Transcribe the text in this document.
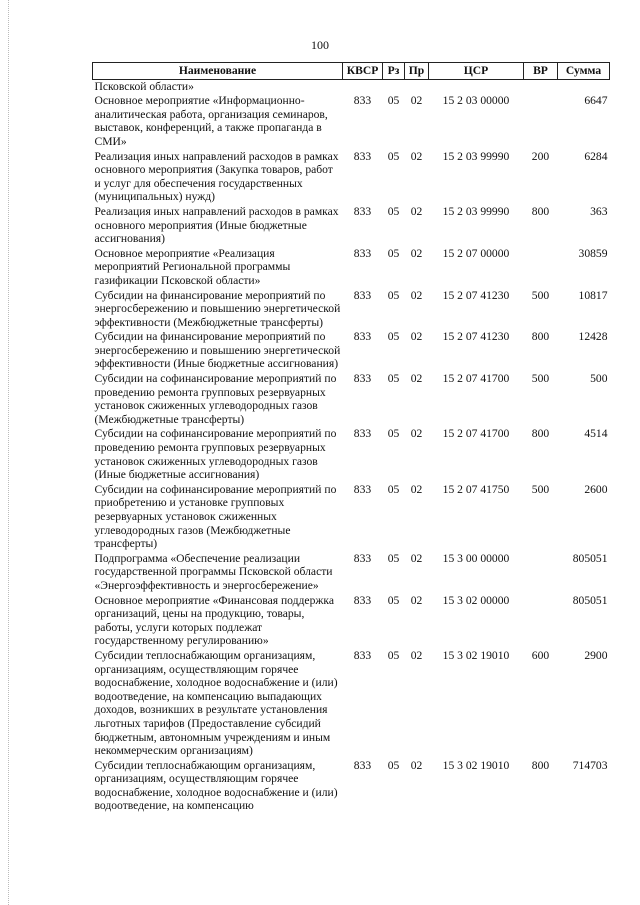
100
Наименование	КВСР	Рз	Пр	ЦСР	ВР	Сумма
Псковской области»						
Основное мероприятие «Информационно-аналитическая работа, организация семинаров, выставок, конференций, а также пропаганда в СМИ»	833	05	02	15 2 03 00000		6647
Реализация иных направлений расходов в рамках основного мероприятия (Закупка товаров, работ и услуг для обеспечения государственных (муниципальных) нужд)	833	05	02	15 2 03 99990	200	6284
Реализация иных направлений расходов в рамках основного мероприятия (Иные бюджетные ассигнования)	833	05	02	15 2 03 99990	800	363
Основное мероприятие «Реализация мероприятий Региональной программы газификации Псковской области»	833	05	02	15 2 07 00000		30859
Субсидии на финансирование мероприятий по энергосбережению и повышению энергетической эффективности (Межбюджетные трансферты)	833	05	02	15 2 07 41230	500	10817
Субсидии на финансирование мероприятий по энергосбережению и повышению энергетической эффективности (Иные бюджетные ассигнования)	833	05	02	15 2 07 41230	800	12428
Субсидии на софинансирование мероприятий по проведению ремонта групповых резервуарных установок сжиженных углеводородных газов (Межбюджетные трансферты)	833	05	02	15 2 07 41700	500	500
Субсидии на софинансирование мероприятий по проведению ремонта групповых резервуарных установок сжиженных углеводородных газов (Иные бюджетные ассигнования)	833	05	02	15 2 07 41700	800	4514
Субсидии на софинансирование мероприятий по приобретению и установке групповых резервуарных установок сжиженных углеводородных газов (Межбюджетные трансферты)	833	05	02	15 2 07 41750	500	2600
Подпрограмма «Обеспечение реализации государственной программы Псковской области «Энергоэффективность и энергосбережение»	833	05	02	15 3 00 00000		805051
Основное мероприятие «Финансовая поддержка организаций, цены на продукцию, товары, работы, услуги которых подлежат государственному регулированию»	833	05	02	15 3 02 00000		805051
Субсидии теплоснабжающим организациям, организациям, осуществляющим горячее водоснабжение, холодное водоснабжение и (или) водоотведение, на компенсацию выпадающих доходов, возникших в результате установления льготных тарифов (Предоставление субсидий бюджетным, автономным учреждениям и иным некоммерческим организациям)	833	05	02	15 3 02 19010	600	2900
Субсидии теплоснабжающим организациям, организациям, осуществляющим горячее водоснабжение, холодное водоснабжение и (или) водоотведение, на компенсацию	833	05	02	15 3 02 19010	800	714703
